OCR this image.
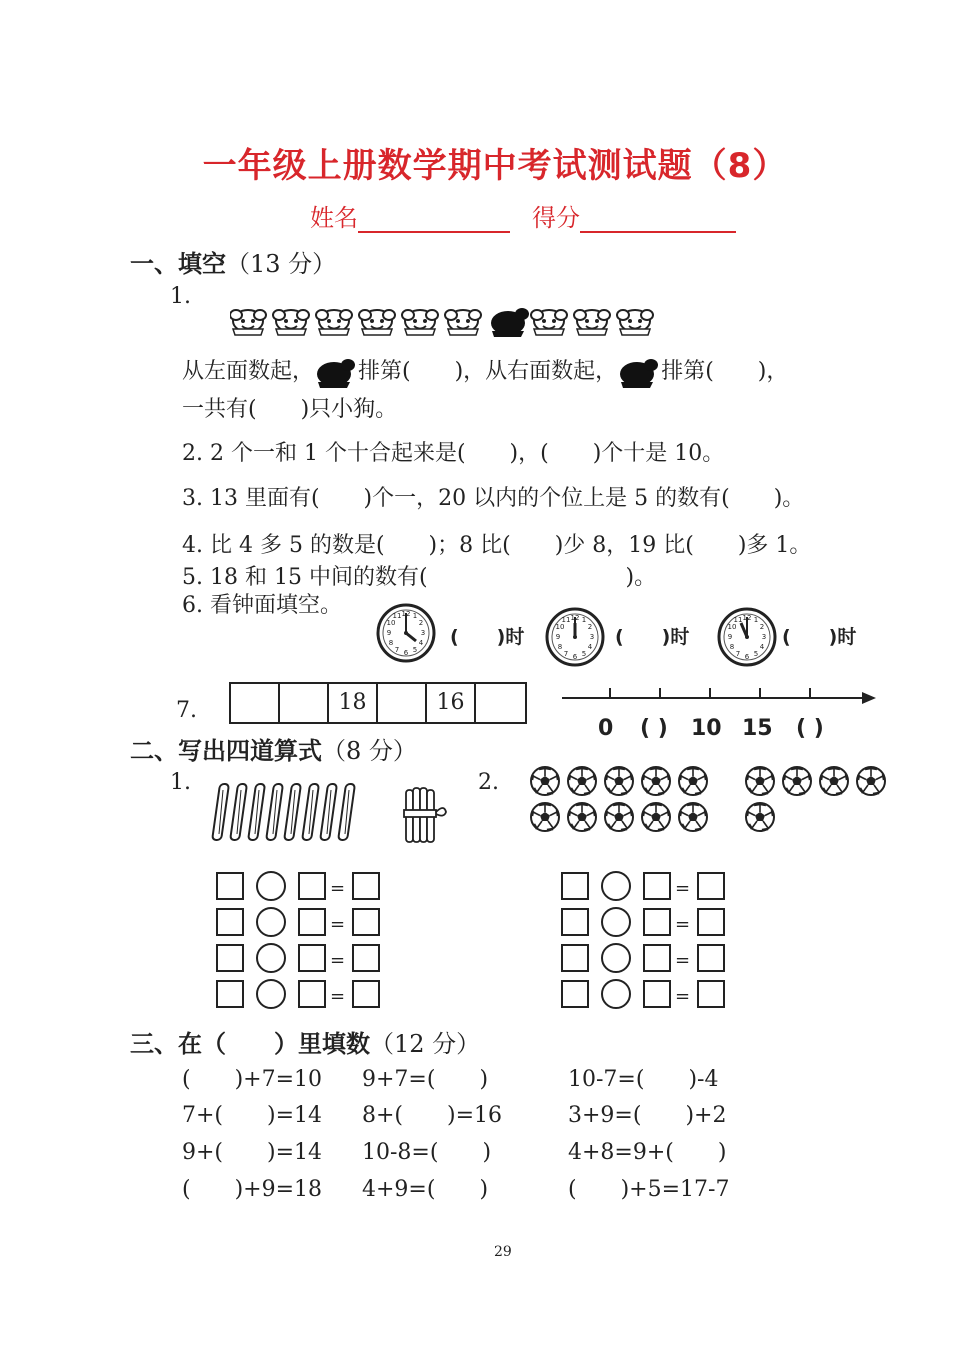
一年级上册数学期中考试测试题（8）
姓名	得分
一、填空（13 分）
1.
从左面数起， 排第(　　)，从右面数起， 排第(　　)，
一共有(　　)只小狗。
2. 2 个一和 1 个十合起来是(　　)，(　　)个十是 10。
3. 13 里面有(　　)个一，20 以内的个位上是 5 的数有(　　)。
4. 比 4 多 5 的数是(　　)；8 比(　　)少 8，19 比(　　)多 1。
5. 18 和 15 中间的数有(　　　　　　　　　)。
6. 看钟面填空。
(　　)时	(　　)时	(　　)时
7.	18	16
0 ( ) 10 15 ( )
二、写出四道算式（8 分）
1.	2.
=
=
=
=
=
=
=
=
三、在（　　）里填数（12 分）
(　　)+7=10 9+7=(　　)	10-7=(　　)-4
7+(　　)=14 8+(　　)=16	3+9=(　　)+2
9+(　　)=14 10-8=(　　)	4+8=9+(　　)
(　　)+9=18 4+9=(　　)	(　　)+5=17-7
29
